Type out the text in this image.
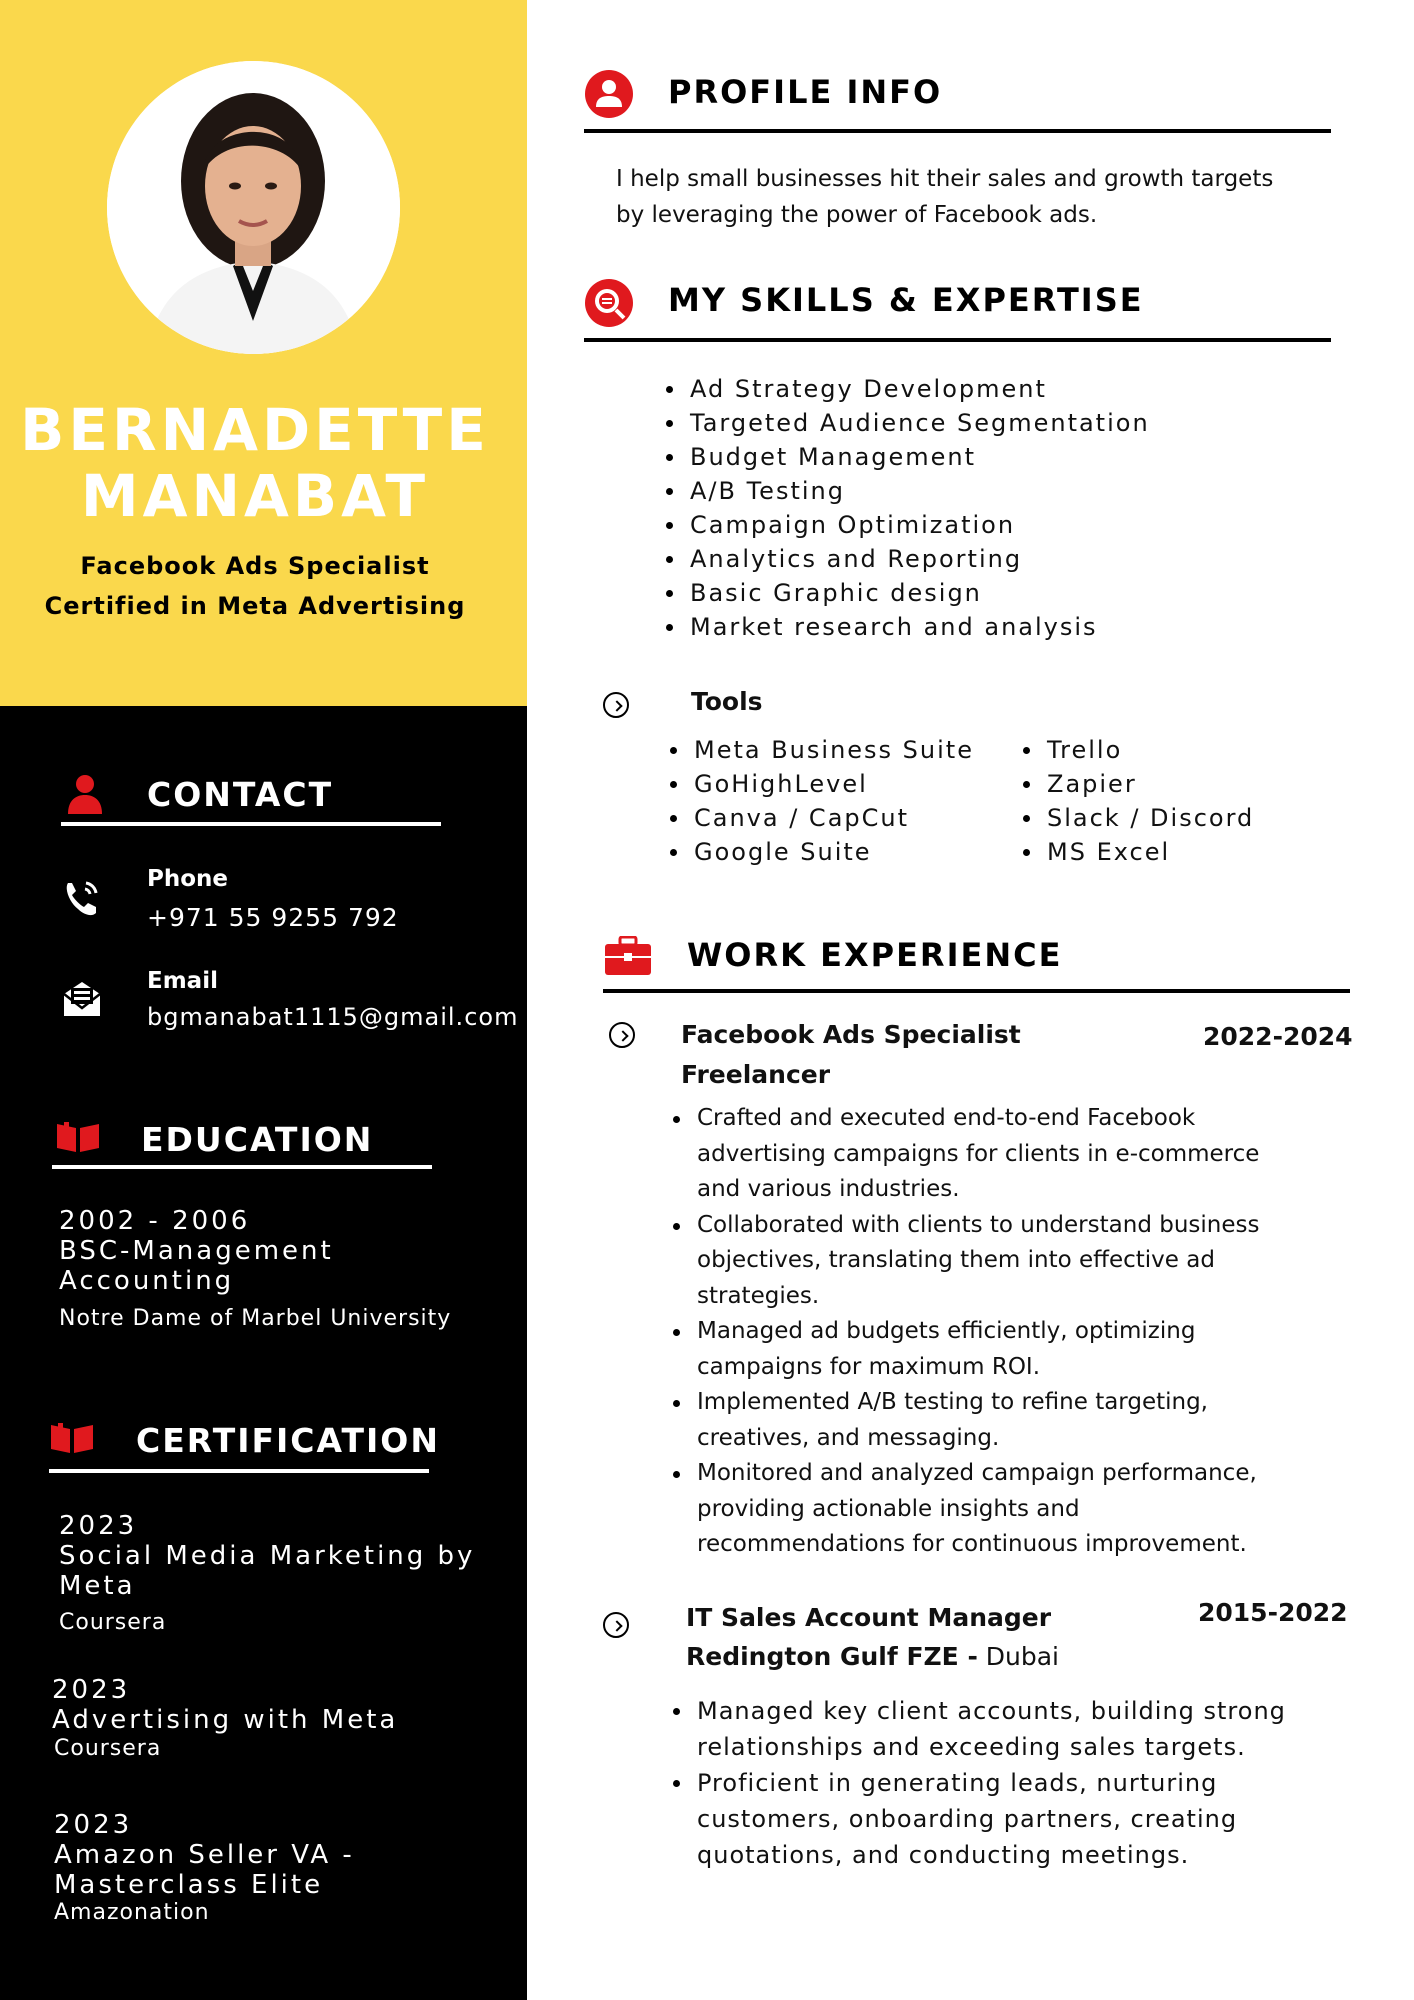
BERNADETTE
MANABAT
Facebook Ads Specialist
Certified in Meta Advertising
CONTACT
Phone
+971 55 9255 792
Email
bgmanabat1115@gmail.com
EDUCATION
2002 - 2006
BSC-Management
Accounting
Notre Dame of Marbel University
CERTIFICATION
2023
Social Media Marketing by
Meta
Coursera
2023
Advertising with Meta
Coursera
2023
Amazon Seller VA -
Masterclass Elite
Amazonation
PROFILE INFO
I help small businesses hit their sales and growth targets
by leveraging the power of Facebook ads.
MY SKILLS & EXPERTISE
Ad Strategy Development
Targeted Audience Segmentation
Budget Management
A/B Testing
Campaign Optimization
Analytics and Reporting
Basic Graphic design
Market research and analysis
Tools
Meta Business Suite
GoHighLevel
Canva / CapCut
Google Suite
Trello
Zapier
Slack / Discord
MS Excel
WORK EXPERIENCE
Facebook Ads Specialist
Freelancer
2022-2024
Crafted and executed end-to-end Facebook
advertising campaigns for clients in e-commerce
and various industries.
Collaborated with clients to understand business
objectives, translating them into effective ad
strategies.
Managed ad budgets efficiently, optimizing
campaigns for maximum ROI.
Implemented A/B testing to refine targeting,
creatives, and messaging.
Monitored and analyzed campaign performance,
providing actionable insights and
recommendations for continuous improvement.
IT Sales Account Manager
Redington Gulf FZE - Dubai
2015-2022
Managed key client accounts, building strong
relationships and exceeding sales targets.
Proficient in generating leads, nurturing
customers, onboarding partners, creating
quotations, and conducting meetings.
